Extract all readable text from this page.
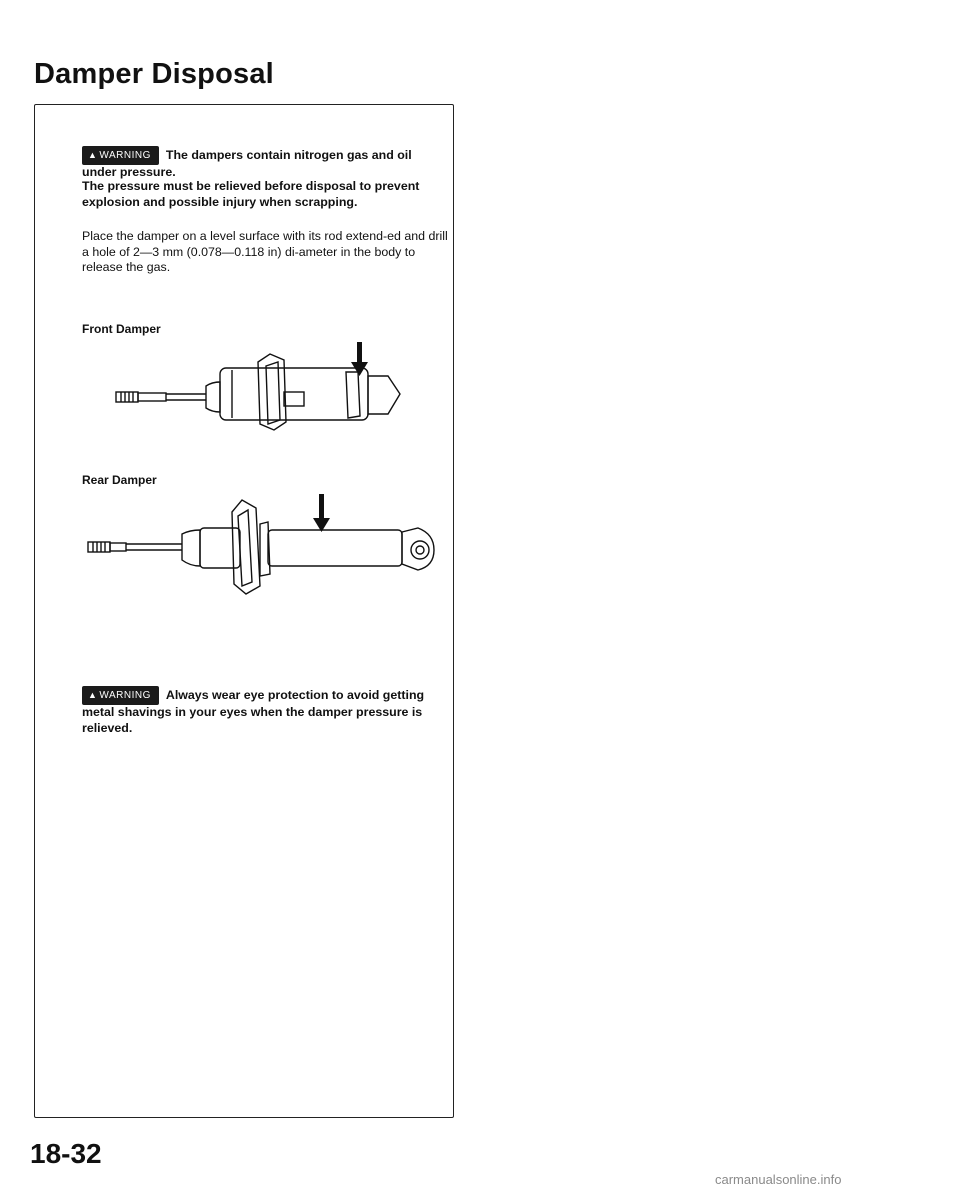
Damper Disposal

▲ WARNING The dampers contain nitrogen gas and oil under pressure.

The pressure must be relieved before disposal to prevent explosion and possible injury when scrapping.

Place the damper on a level surface with its rod extend-ed and drill a hole of 2—3 mm (0.078—0.118 in) di-ameter in the body to release the gas.

Front Damper
Rear Damper

▲ WARNING Always wear eye protection to avoid getting metal shavings in your eyes when the damper pressure is relieved.

18-32
carmanualsonline.info
